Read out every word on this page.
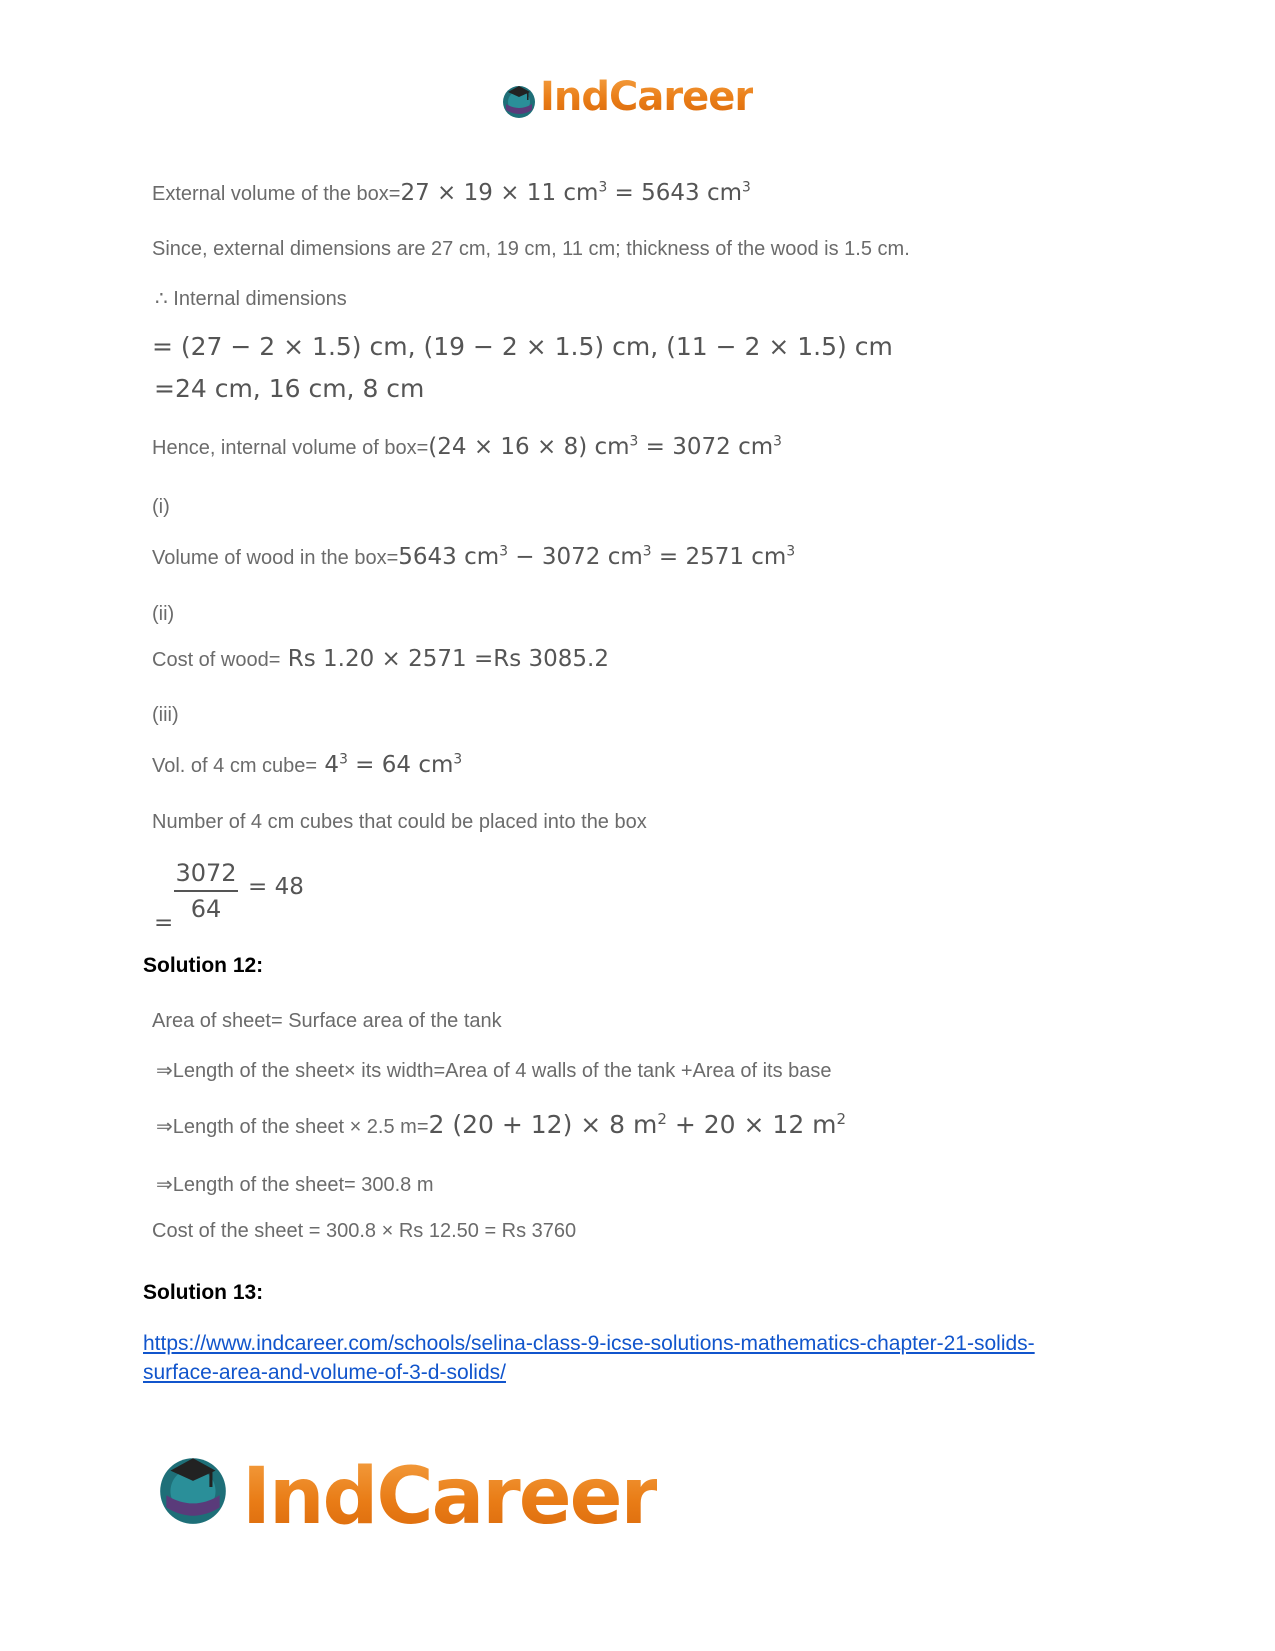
IndCareer
External volume of the box=27 × 19 × 11 $cm^3 = 5643$ $cm^3$
Since, external dimensions are 27 cm, 19 cm, 11 cm; thickness of the wood is 1.5 cm.
∴ Internal dimensions
= (27 − 2 × 1.5) cm, (19 − 2 × 1.5) cm, (11 − 2 × 1.5) cm
=24 cm, 16 cm, 8 cm
Hence, internal volume of box=(24 × 16 × 8) $cm^3 = 3072$ $cm^3$
(i)
Volume of wood in the box=5643 $cm^3 - 3072$ $cm^3 = 2571$ $cm^3$
(ii)
Cost of wood= Rs 1.20 × 2571 =Rs 3085.2
(iii)
Vol. of 4 cm cube= $4^3 = 64$ $cm^3$
Number of 4 cm cubes that could be placed into the box
=
3072
64
= 48
Solution 12:
Area of sheet= Surface area of the tank
⇒Length of the sheet× its width=Area of 4 walls of the tank +Area of its base
⇒Length of the sheet × 2.5 m=2 (20 + 12) × 8 $m^2 + 20 \times 12$ $m^2$
⇒Length of the sheet= 300.8 m
Cost of the sheet = 300.8 × Rs 12.50 = Rs 3760
Solution 13:
https://www.indcareer.com/schools/selina-class-9-icse-solutions-mathematics-chapter-21-solids-
surface-area-and-volume-of-3-d-solids/
IndCareer
